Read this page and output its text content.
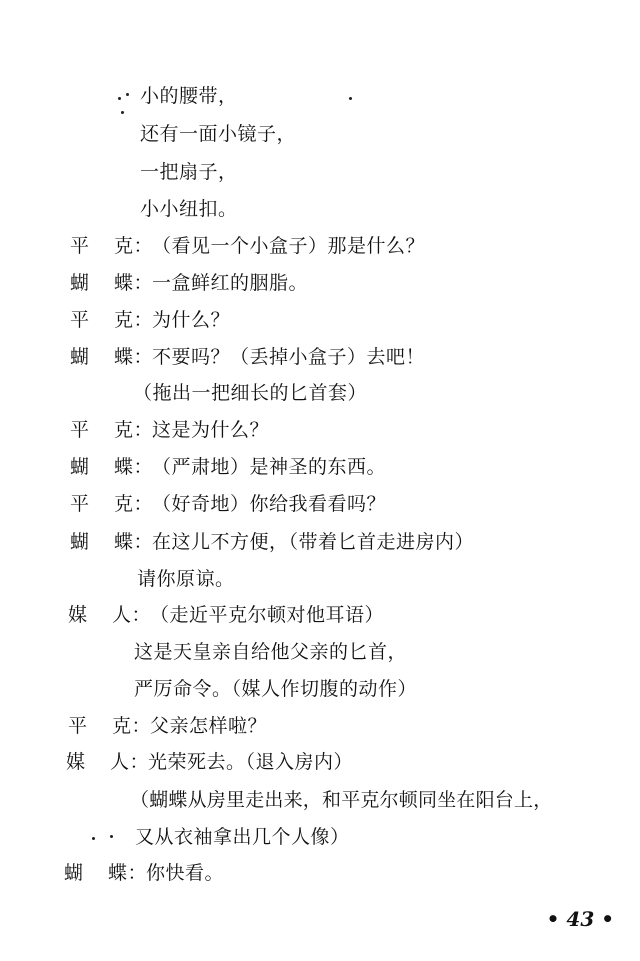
小的腰带，
还有一面小镜子，
一把扇子，
小小纽扣。
平 克：（看见一个小盒子）那是什么？
蝴 蝶：一盒鲜红的胭脂。
平 克：为什么？
蝴 蝶：不要吗？（丢掉小盒子）去吧！
（拖出一把细长的匕首套）
平 克：这是为什么？
蝴 蝶：（严肃地）是神圣的东西。
平 克：（好奇地）你给我看看吗？
蝴 蝶：在这儿不方便，（带着匕首走进房内）
请你原谅。
媒 人：（走近平克尔顿对他耳语）
这是天皇亲自给他父亲的匕首，
严厉命令。（媒人作切腹的动作）
平 克：父亲怎样啦？
媒 人：光荣死去。（退入房内）
（蝴蝶从房里走出来，和平克尔顿同坐在阳台上，
又从衣袖拿出几个人像）
蝴 蝶：你快看。
• 43 •
